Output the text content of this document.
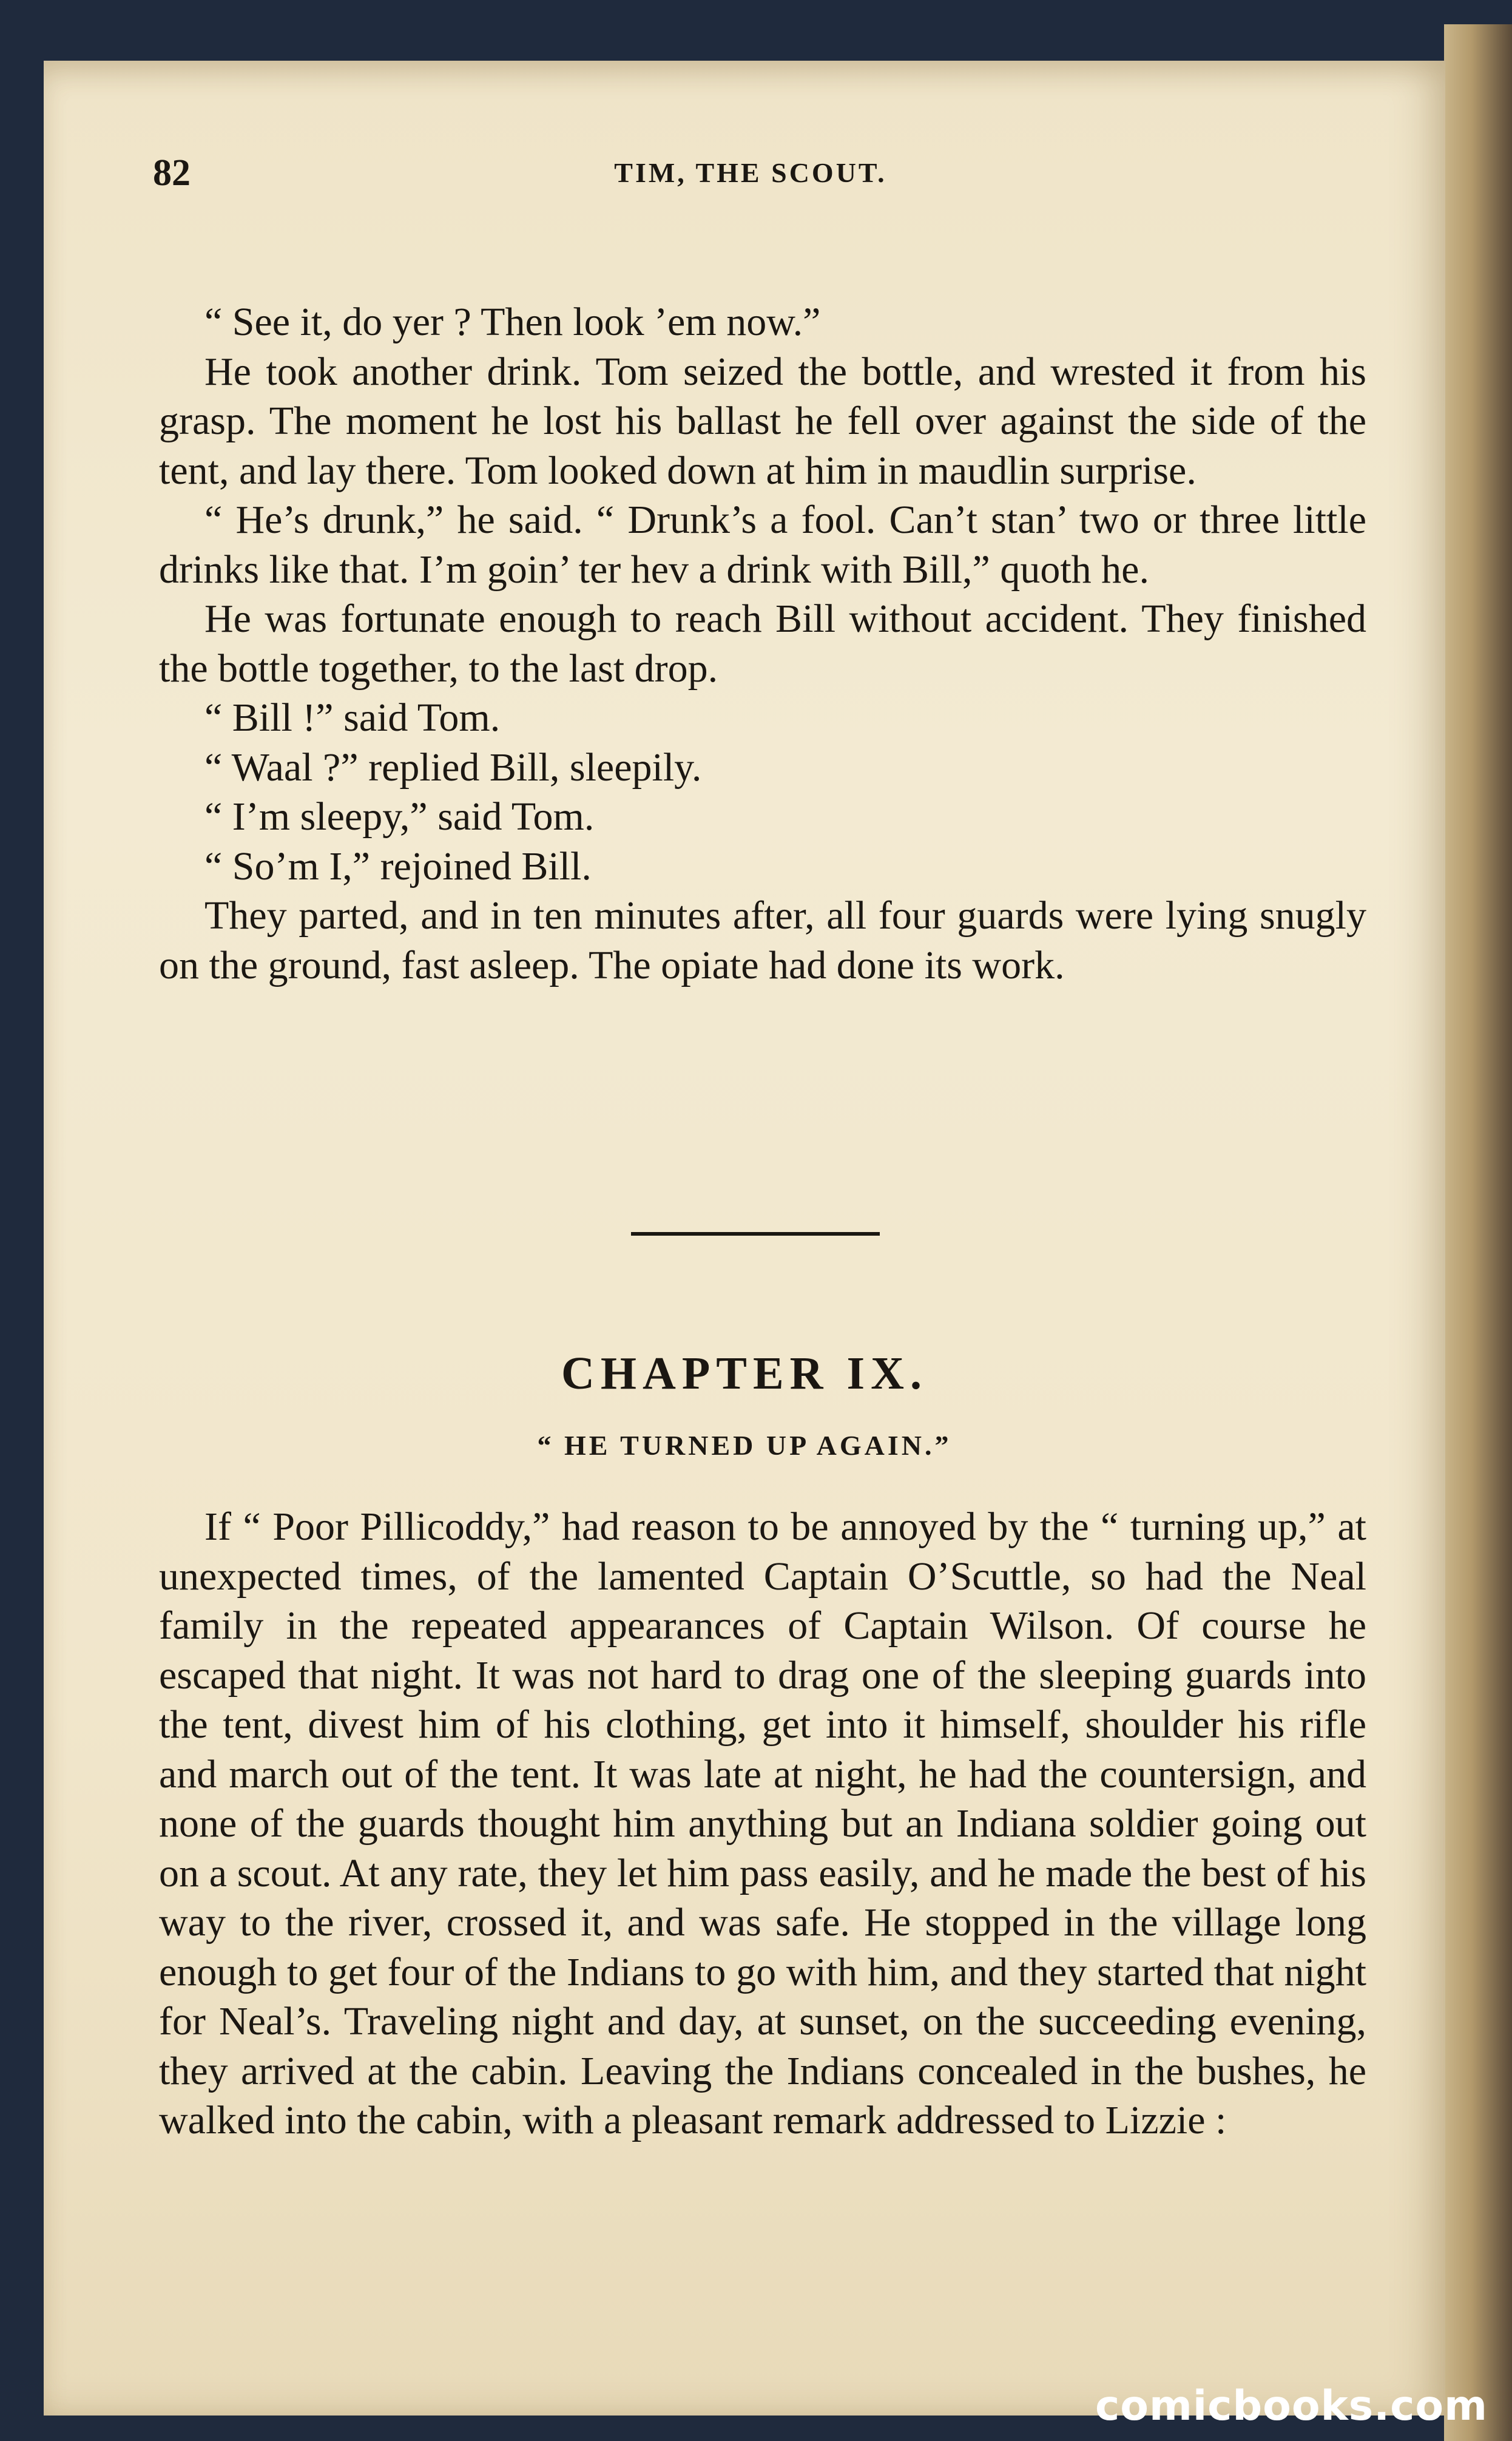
82	TIM, THE SCOUT.

“ See it, do yer ? Then look ’em now.”

He took another drink. Tom seized the bottle, and wrested it from his grasp. The moment he lost his ballast he fell over against the side of the tent, and lay there. Tom looked down at him in maudlin surprise.

“ He’s drunk,” he said. “ Drunk’s a fool. Can’t stan’ two or three little drinks like that. I’m goin’ ter hev a drink with Bill,” quoth he.

He was fortunate enough to reach Bill without accident. They finished the bottle together, to the last drop.

“ Bill !” said Tom.

“ Waal ?” replied Bill, sleepily.

“ I’m sleepy,” said Tom.

“ So’m I,” rejoined Bill.

They parted, and in ten minutes after, all four guards were lying snugly on the ground, fast asleep. The opiate had done its work.

CHAPTER IX.
“ HE TURNED UP AGAIN.”

If “ Poor Pillicoddy,” had reason to be annoyed by the “ turning up,” at unexpected times, of the lamented Captain O’Scuttle, so had the Neal family in the repeated appearances of Captain Wilson. Of course he escaped that night. It was not hard to drag one of the sleeping guards into the tent, divest him of his clothing, get into it himself, shoulder his rifle and march out of the tent. It was late at night, he had the countersign, and none of the guards thought him anything but an Indiana soldier going out on a scout. At any rate, they let him pass easily, and he made the best of his way to the river, crossed it, and was safe. He stopped in the village long enough to get four of the Indians to go with him, and they started that night for Neal’s. Traveling night and day, at sunset, on the succeeding evening, they arrived at the cabin. Leaving the Indians concealed in the bushes, he walked into the cabin, with a pleasant remark addressed to Lizzie :

comicbooks.com
